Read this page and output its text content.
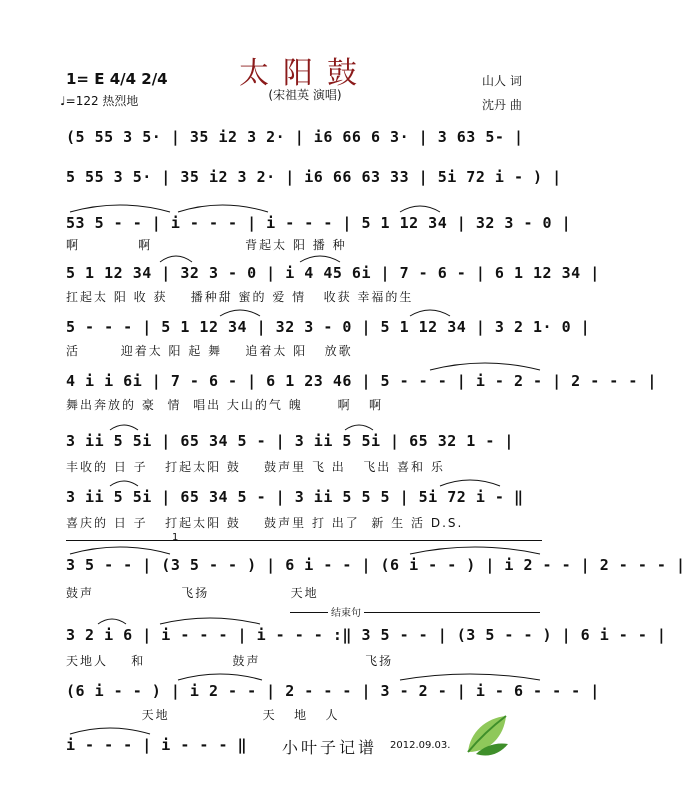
太阳鼓
(宋祖英 演唱)
1= E 4/4 2/4
♩=122 热烈地
山人 词
沈丹 曲
(5 55 3 5· | 35 i2 3 2· | i6 66 6 3· | 3 63 5- |
5 55 3 5· | 35 i2 3 2· | i6 66 63 33 | 5i 72 i - ) |
53 5 - - | i - - - | i - - - | 5 1 12 34 | 32 3 - 0 |
啊          啊                背起太 阳 播 种
5 1 12 34 | 32 3 - 0 | i 4 45 6i | 7 - 6 - | 6 1 12 34 |
扛起太 阳 收 获    播种甜 蜜的 爱 情   收获 幸福的生
5 - - - | 5 1 12 34 | 32 3 - 0 | 5 1 12 34 | 3 2 1· 0 |
活       迎着太 阳 起 舞    追着太 阳   放歌
4 i i 6i | 7 - 6 - | 6 1 23 46 | 5 - - - | i - 2 - | 2 - - - |
舞出奔放的 豪  情  唱出 大山的气 魄      啊   啊
3 ii 5 5i | 65 34 5 - | 3 ii 5 5i | 65 32 1 - |
丰收的 日 子   打起太阳 鼓    鼓声里 飞 出   飞出 喜和 乐
3 ii 5 5i | 65 34 5 - | 3 ii 5 5 5 | 5i 72 i - ‖
喜庆的 日 子   打起太阳 鼓    鼓声里 打 出了  新 生 活 D.S.
1
3 5 - - | (3 5 - - ) | 6 i - - | (6 i - - ) | i 2 - - | 2 - - - |
鼓声               飞扬              天地
结束句
3 2 i 6 | i - - - | i - - - :‖ 3 5 - - | (3 5 - - ) | 6 i - - |
天地人    和               鼓声                  飞扬
(6 i - - ) | i 2 - - | 2 - - - | 3 - 2 - | i - 6 - - - |
天地                天   地   人
i - - - | i - - - ‖ 小叶子记谱 2012.09.03.
